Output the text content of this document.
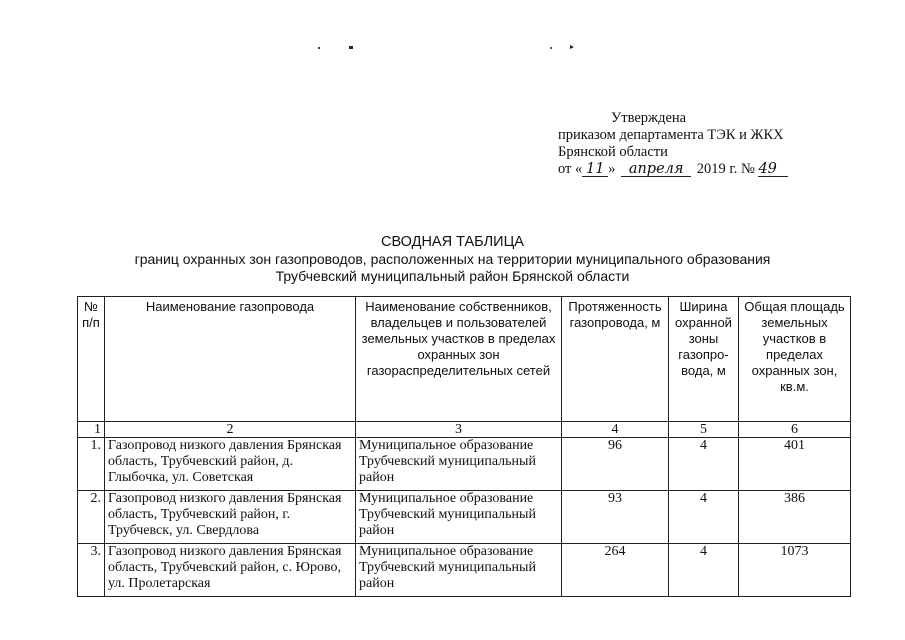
Утверждена
приказом департамента ТЭК и ЖКХ
Брянской области
от « 11 » апреля 2019 г. № 49
СВОДНАЯ ТАБЛИЦА
границ охранных зон газопроводов, расположенных на территории муниципального образования
Трубчевский муниципальный район Брянской области
№ п/п	Наименование газопровода	Наименование собственников, владельцев и пользователей земельных участков в пределах охранных зон газораспределительных сетей	Протяженность газопровода, м	Ширина охранной зоны газопро-вода, м	Общая площадь земельных участков в пределах охранных зон, кв.м.
1	2	3	4	5	6
1.	Газопровод низкого давления Брянская область, Трубчевский район, д. Глыбочка, ул. Советская	Муниципальное образование Трубчевский муниципальный район	96	4	401
2.	Газопровод низкого давления Брянская область, Трубчевский район, г. Трубчевск, ул. Свердлова	Муниципальное образование Трубчевский муниципальный район	93	4	386
3.	Газопровод низкого давления Брянская область, Трубчевский район, с. Юрово, ул. Пролетарская	Муниципальное образование Трубчевский муниципальный район	264	4	1073
